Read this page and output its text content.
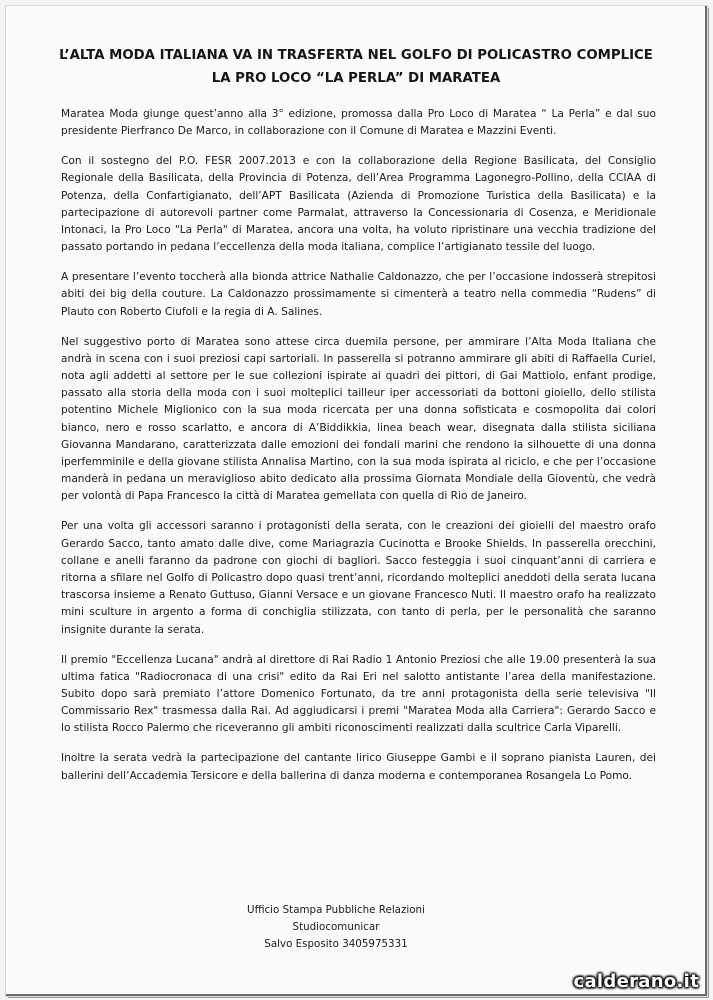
L’ALTA MODA ITALIANA VA IN TRASFERTA NEL GOLFO DI POLICASTRO COMPLICE
LA PRO LOCO “LA PERLA” DI MARATEA

Maratea Moda giunge quest’anno alla 3° edizione, promossa dalla Pro Loco di Maratea “ La Perla” e dal suo presidente Pierfranco De Marco, in collaborazione con il Comune di Maratea e Mazzini Eventi.

Con il sostegno del P.O. FESR 2007.2013 e con la collaborazione della Regione Basilicata, del Consiglio Regionale della Basilicata, della Provincia di Potenza, dell’Area Programma Lagonegro-Pollino, della CCIAA di Potenza, della Confartigianato, dell’APT Basilicata (Azienda di Promozione Turistica della Basilicata) e la partecipazione di autorevoli partner come Parmalat, attraverso la Concessionaria di Cosenza, e Meridionale Intonaci, la Pro Loco "La Perla" di Maratea, ancora una volta, ha voluto ripristinare una vecchia tradizione del passato portando in pedana l’eccellenza della moda italiana, complice l’artigianato tessile del luogo.

A presentare l’evento toccherà alla bionda attrice Nathalie Caldonazzo, che per l’occasione indosserà strepitosi abiti dei big della couture. La Caldonazzo prossimamente si cimenterà a teatro nella commedia “Rudens” di Plauto con Roberto Ciufoli e la regia di A. Salines.

Nel suggestivo porto di Maratea sono attese circa duemila persone, per ammirare l’Alta Moda Italiana che andrà in scena con i suoi preziosi capi sartoriali. In passerella si potranno ammirare gli abiti di Raffaella Curiel, nota agli addetti al settore per le sue collezioni ispirate ai quadri dei pittori, di Gai Mattiolo, enfant prodige, passato alla storia della moda con i suoi molteplici tailleur iper accessoriati da bottoni gioiello, dello stilista potentino Michele Miglionico con la sua moda ricercata per una donna sofisticata e cosmopolita dai colori bianco, nero e rosso scarlatto, e ancora di A’Biddikkia, linea beach wear, disegnata dalla stilista siciliana Giovanna Mandarano, caratterizzata dalle emozioni dei fondali marini che rendono la silhouette di una donna iperfemminile e della giovane stilista Annalisa Martino, con la sua moda ispirata al riciclo, e che per l’occasione manderà in pedana un meraviglioso abito dedicato alla prossima Giornata Mondiale della Gioventù, che vedrà per volontà di Papa Francesco la città di Maratea gemellata con quella di Rio de Janeiro.

Per una volta gli accessori saranno i protagonisti della serata, con le creazioni dei gioielli del maestro orafo Gerardo Sacco, tanto amato dalle dive, come Mariagrazia Cucinotta e Brooke Shields. In passerella orecchini, collane e anelli faranno da padrone con giochi di bagliori. Sacco festeggia i suoi cinquant’anni di carriera e ritorna a sfilare nel Golfo di Policastro dopo quasi trent’anni, ricordando molteplici aneddoti della serata lucana trascorsa insieme a Renato Guttuso, Gianni Versace e un giovane Francesco Nuti. Il maestro orafo ha realizzato mini sculture in argento a forma di conchiglia stilizzata, con tanto di perla, per le personalità che saranno insignite durante la serata.

Il premio "Eccellenza Lucana" andrà al direttore di Rai Radio 1 Antonio Preziosi che alle 19.00 presenterà la sua ultima fatica "Radiocronaca di una crisi" edito da Rai Eri nel salotto antistante l’area della manifestazione. Subito dopo sarà premiato l’attore Domenico Fortunato, da tre anni protagonista della serie televisiva "Il Commissario Rex" trasmessa dalla Rai. Ad aggiudicarsi i premi "Maratea Moda alla Carriera": Gerardo Sacco e lo stilista Rocco Palermo che riceveranno gli ambiti riconoscimenti realizzati dalla scultrice Carla Viparelli.

Inoltre la serata vedrà la partecipazione del cantante lirico Giuseppe Gambi e il soprano pianista Lauren, dei ballerini dell’Accademia Tersicore e della ballerina di danza moderna e contemporanea Rosangela Lo Pomo.

Ufficio Stampa Pubbliche Relazioni
Studiocomunicar
Salvo Esposito 3405975331
calderano.it
